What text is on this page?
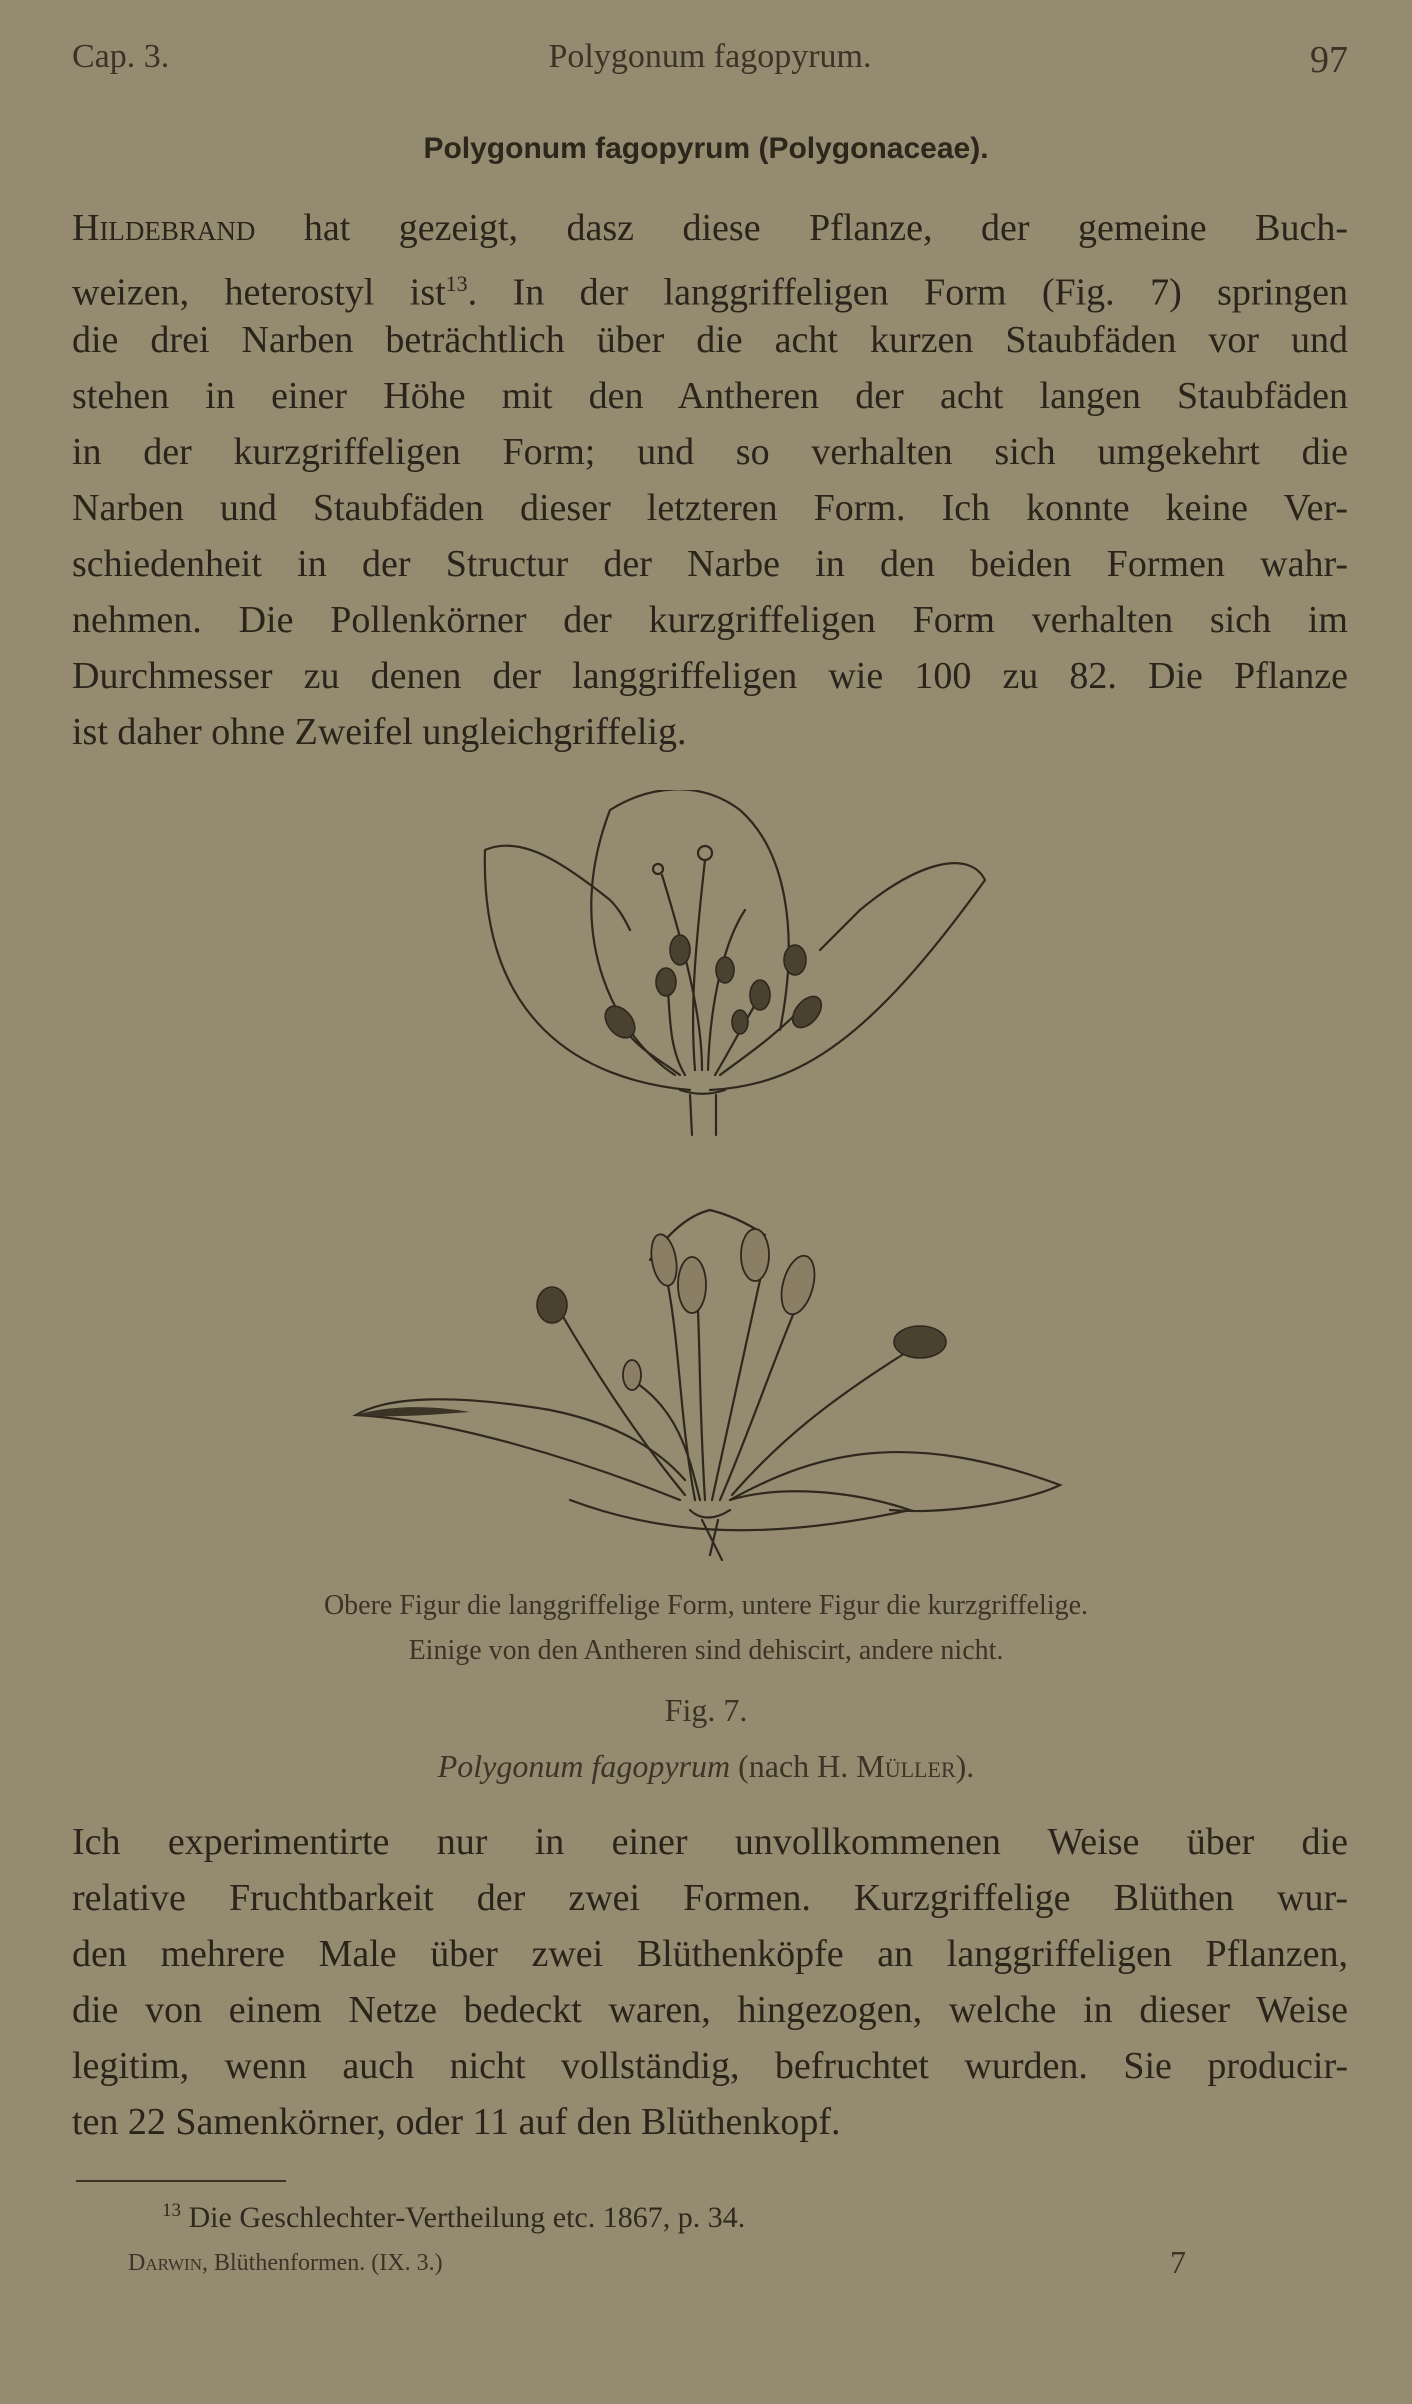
Cap. 3.	Polygonum fagopyrum.	97
Polygonum fagopyrum (Polygonaceae).

Hildebrand hat gezeigt, dasz diese Pflanze, der gemeine Buch-
weizen, heterostyl ist$^{13}$. In der langgriffeligen Form (Fig. 7) springen
die drei Narben beträchtlich über die acht kurzen Staubfäden vor und
stehen in einer Höhe mit den Antheren der acht langen Staubfäden
in der kurzgriffeligen Form; und so verhalten sich umgekehrt die
Narben und Staubfäden dieser letzteren Form. Ich konnte keine Ver-
schiedenheit in der Structur der Narbe in den beiden Formen wahr-
nehmen. Die Pollenkörner der kurzgriffeligen Form verhalten sich im
Durchmesser zu denen der langgriffeligen wie 100 zu 82. Die Pflanze
ist daher ohne Zweifel ungleichgriffelig.

Obere Figur die langgriffelige Form, untere Figur die kurzgriffelige.
Einige von den Antheren sind dehiscirt, andere nicht.
Fig. 7.
Polygonum fagopyrum (nach H. Müller).

Ich experimentirte nur in einer unvollkommenen Weise über die
relative Fruchtbarkeit der zwei Formen. Kurzgriffelige Blüthen wur-
den mehrere Male über zwei Blüthenköpfe an langgriffeligen Pflanzen,
die von einem Netze bedeckt waren, hingezogen, welche in dieser Weise
legitim, wenn auch nicht vollständig, befruchtet wurden. Sie producir-
ten 22 Samenkörner, oder 11 auf den Blüthenkopf.

$^{13}$ Die Geschlechter-Vertheilung etc. 1867, p. 34.
Darwin, Blüthenformen. (IX. 3.)	7
